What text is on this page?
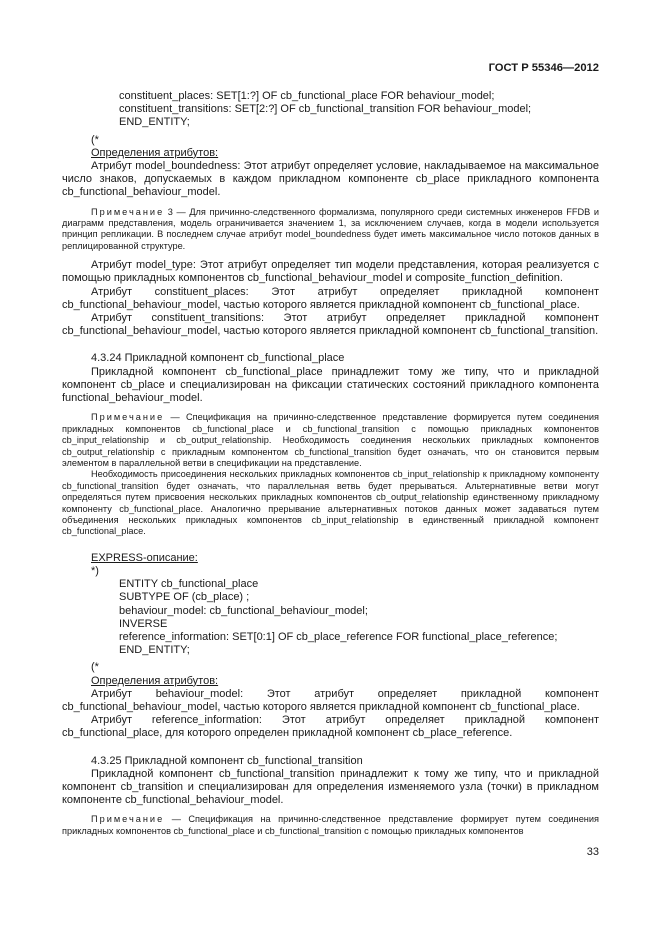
ГОСТ Р 55346—2012
constituent_places: SET[1:?] OF cb_functional_place FOR behaviour_model;
constituent_transitions: SET[2:?] OF cb_functional_transition FOR behaviour_model;
END_ENTITY;
(*
Определения атрибутов:
Атрибут model_boundedness: Этот атрибут определяет условие, накладываемое на максимальное число знаков, допускаемых в каждом прикладном компоненте cb_place прикладного компонента cb_functional_behaviour_model.
Примечание 3 — Для причинно-следственного формализма, популярного среди системных инженеров FFDB и диаграмм представления, модель ограничивается значением 1, за исключением случаев, когда в модели используется принцип репликации. В последнем случае атрибут model_boundedness будет иметь максимальное число потоков данных в реплицированной структуре.
Атрибут model_type: Этот атрибут определяет тип модели представления, которая реализуется с помощью прикладных компонентов cb_functional_behaviour_model и composite_function_definition.
Атрибут constituent_places: Этот атрибут определяет прикладной компонент cb_functional_behaviour_model, частью которого является прикладной компонент cb_functional_place.
Атрибут constituent_transitions: Этот атрибут определяет прикладной компонент cb_functional_behaviour_model, частью которого является прикладной компонент cb_functional_transition.
4.3.24 Прикладной компонент cb_functional_place
Прикладной компонент cb_functional_place принадлежит тому же типу, что и прикладной компонент cb_place и специализирован на фиксации статических состояний прикладного компонента functional_behaviour_model.
Примечание — Спецификация на причинно-следственное представление формируется путем соединения прикладных компонентов cb_functional_place и cb_functional_transition с помощью прикладных компонентов cb_input_relationship и cb_output_relationship. Необходимость соединения нескольких прикладных компонентов cb_output_relationship с прикладным компонентом cb_functional_transition будет означать, что он становится первым элементом в параллельной ветви в спецификации на представление.
Необходимость присоединения нескольких прикладных компонентов cb_input_relationship к прикладному компоненту cb_functional_transition будет означать, что параллельная ветвь будет прерываться. Альтернативные ветви могут определяться путем присвоения нескольких прикладных компонентов cb_output_relationship единственному прикладному компоненту cb_functional_place. Аналогично прерывание альтернативных потоков данных может задаваться путем объединения нескольких прикладных компонентов cb_input_relationship в единственный прикладной компонент cb_functional_place.
EXPRESS-описание:
*)
ENTITY cb_functional_place
SUBTYPE OF (cb_place) ;
behaviour_model: cb_functional_behaviour_model;
INVERSE
reference_information: SET[0:1] OF cb_place_reference FOR functional_place_reference;
END_ENTITY;
(*
Определения атрибутов:
Атрибут behaviour_model: Этот атрибут определяет прикладной компонент cb_functional_behaviour_model, частью которого является прикладной компонент cb_functional_place.
Атрибут reference_information: Этот атрибут определяет прикладной компонент cb_functional_place, для которого определен прикладной компонент cb_place_reference.
4.3.25 Прикладной компонент cb_functional_transition
Прикладной компонент cb_functional_transition принадлежит к тому же типу, что и прикладной компонент cb_transition и специализирован для определения изменяемого узла (точки) в прикладном компоненте cb_functional_behaviour_model.
Примечание — Спецификация на причинно-следственное представление формирует путем соединения прикладных компонентов cb_functional_place и cb_functional_transition с помощью прикладных компонентов
33
